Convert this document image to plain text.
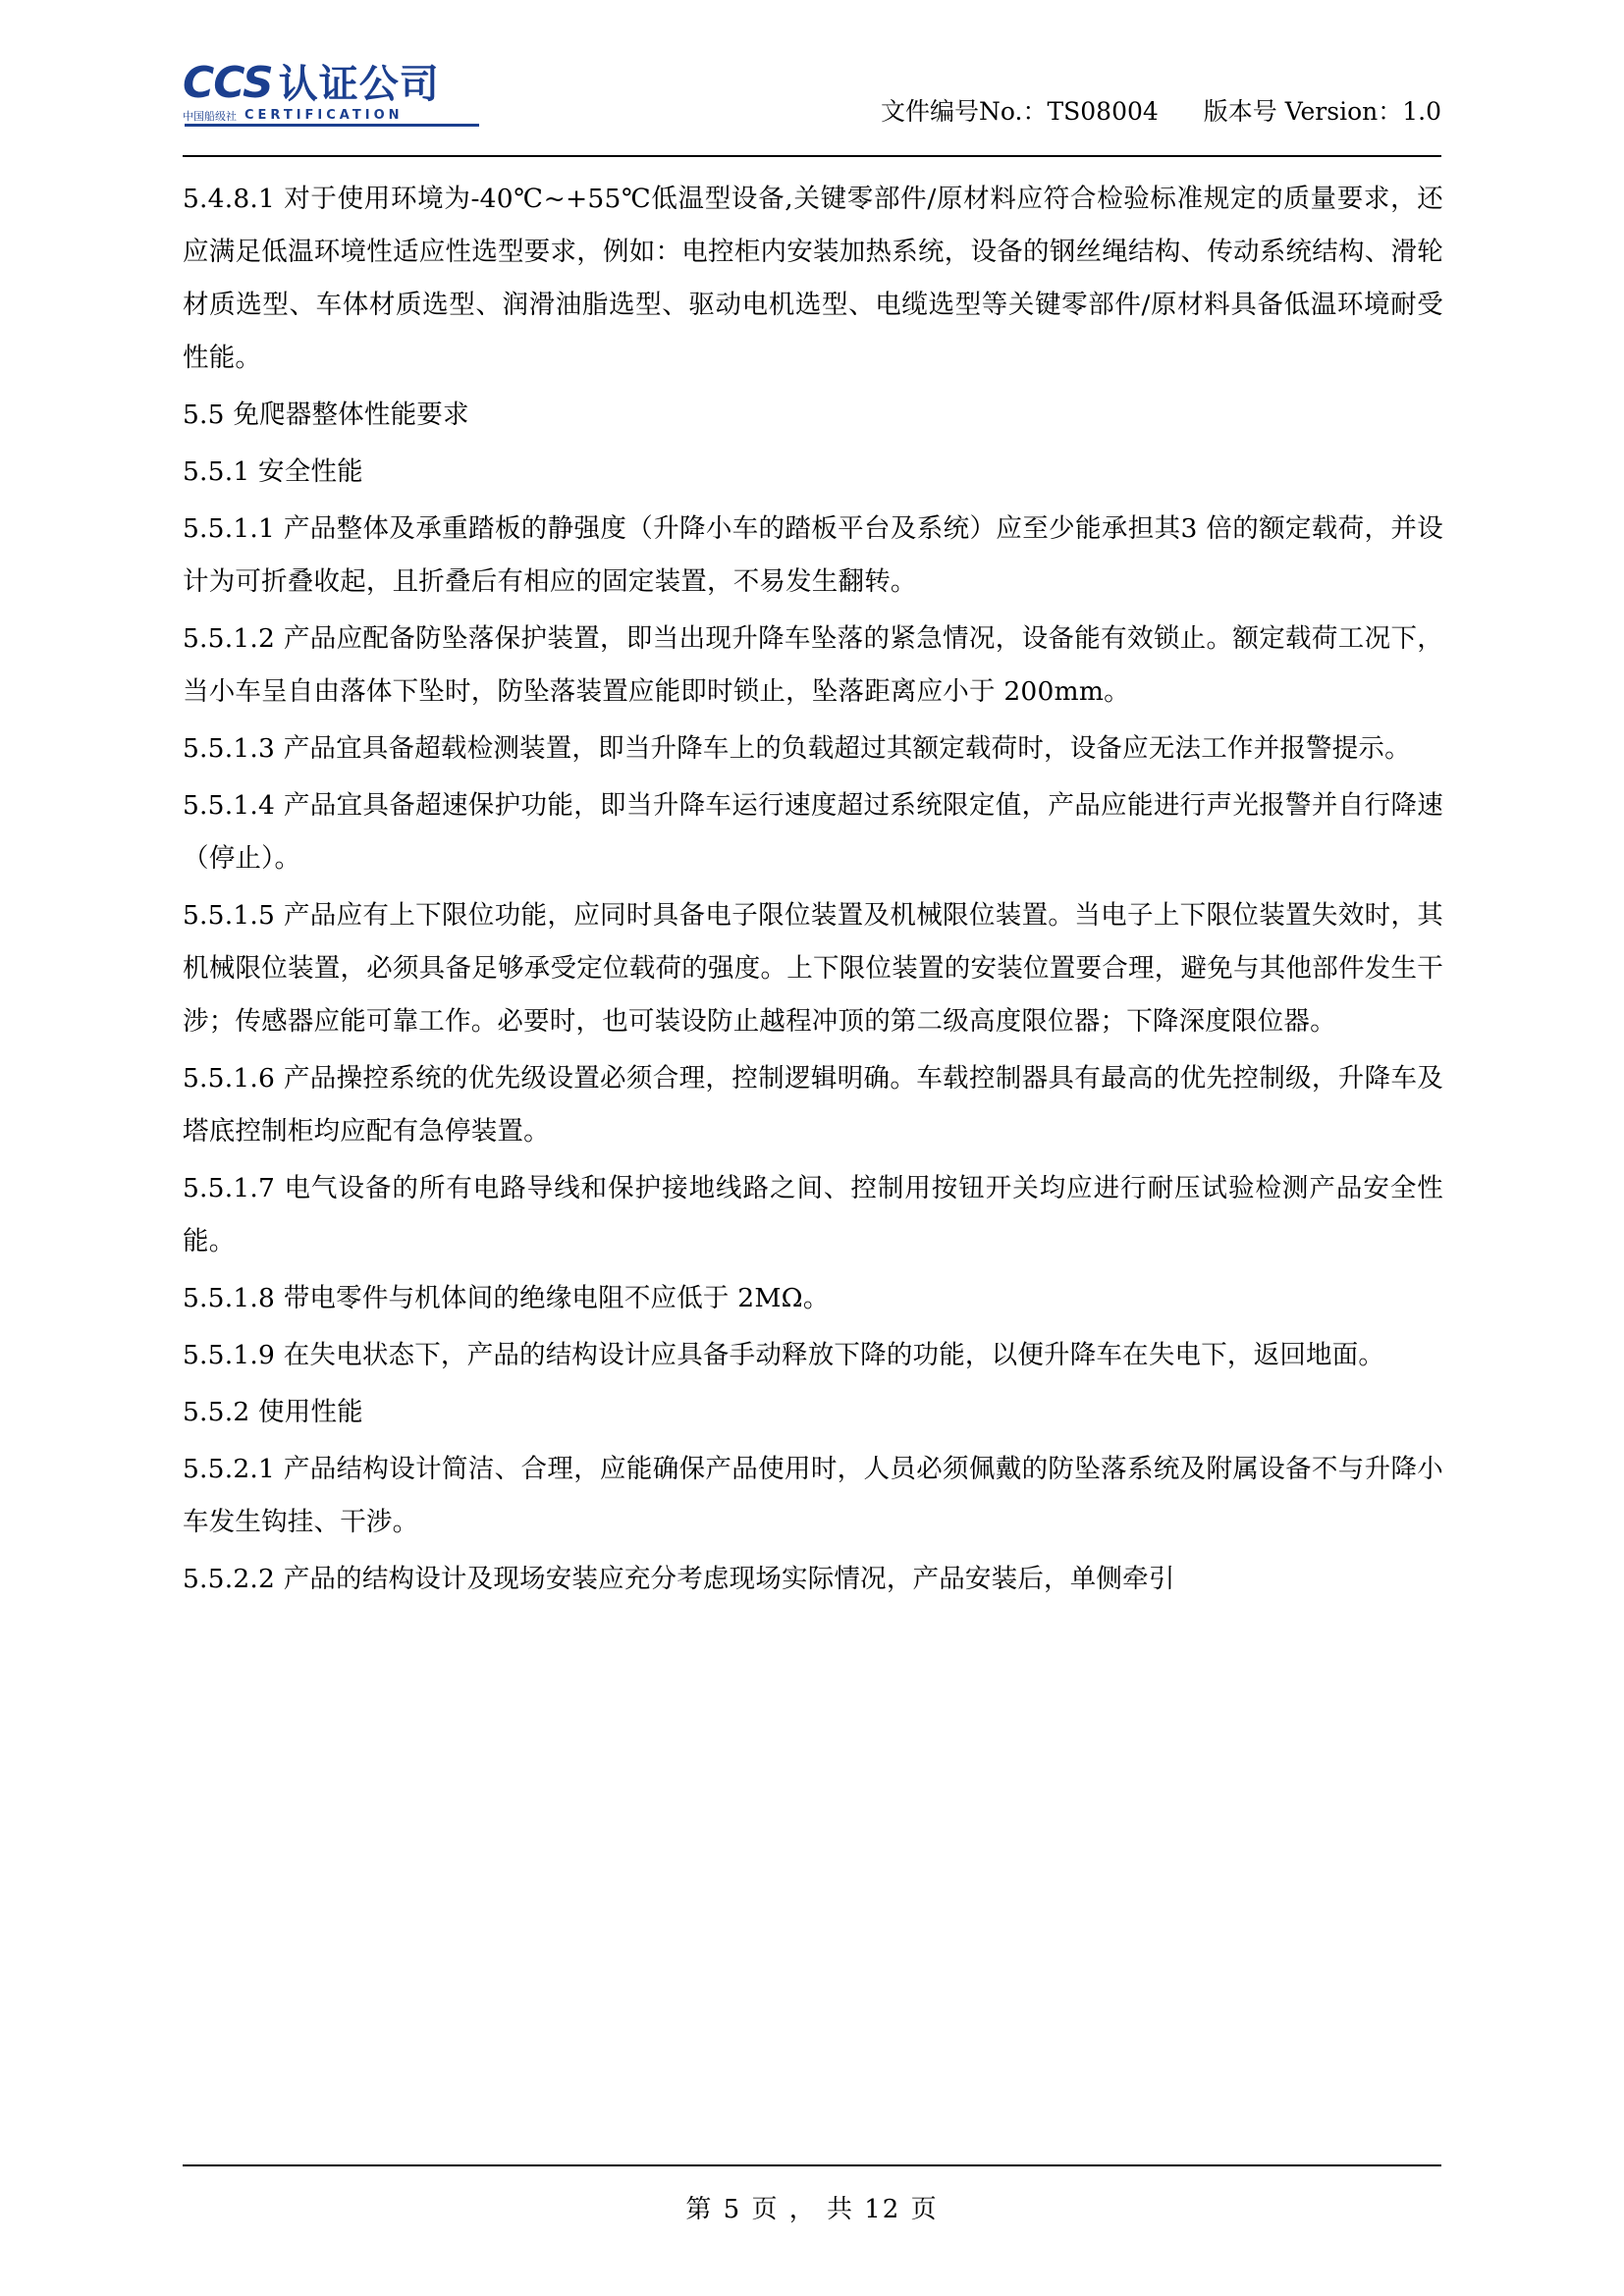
CCS 认证公司
中国船级社 CERTIFICATION	文件编号No.：TS08004 版本号 Version：1.0

5.4.8.1 对于使用环境为-40℃~+55℃低温型设备,关键零部件/原材料应符合检验标准规定的质量要求，还应满足低温环境性适应性选型要求，例如：电控柜内安装加热系统，设备的钢丝绳结构、传动系统结构、滑轮材质选型、车体材质选型、润滑油脂选型、驱动电机选型、电缆选型等关键零部件/原材料具备低温环境耐受性能。

5.5 免爬器整体性能要求

5.5.1 安全性能

5.5.1.1 产品整体及承重踏板的静强度（升降小车的踏板平台及系统）应至少能承担其3 倍的额定载荷，并设计为可折叠收起，且折叠后有相应的固定装置，不易发生翻转。

5.5.1.2 产品应配备防坠落保护装置，即当出现升降车坠落的紧急情况，设备能有效锁止。额定载荷工况下，当小车呈自由落体下坠时，防坠落装置应能即时锁止，坠落距离应小于 200mm。

5.5.1.3 产品宜具备超载检测装置，即当升降车上的负载超过其额定载荷时，设备应无法工作并报警提示。

5.5.1.4 产品宜具备超速保护功能，即当升降车运行速度超过系统限定值，产品应能进行声光报警并自行降速（停止）。

5.5.1.5 产品应有上下限位功能，应同时具备电子限位装置及机械限位装置。当电子上下限位装置失效时，其机械限位装置，必须具备足够承受定位载荷的强度。上下限位装置的安装位置要合理，避免与其他部件发生干涉；传感器应能可靠工作。必要时，也可装设防止越程冲顶的第二级高度限位器；下降深度限位器。

5.5.1.6 产品操控系统的优先级设置必须合理，控制逻辑明确。车载控制器具有最高的优先控制级，升降车及塔底控制柜均应配有急停装置。

5.5.1.7 电气设备的所有电路导线和保护接地线路之间、控制用按钮开关均应进行耐压试验检测产品安全性能。

5.5.1.8 带电零件与机体间的绝缘电阻不应低于 2MΩ。

5.5.1.9 在失电状态下，产品的结构设计应具备手动释放下降的功能，以便升降车在失电下，返回地面。

5.5.2 使用性能

5.5.2.1 产品结构设计简洁、合理，应能确保产品使用时，人员必须佩戴的防坠落系统及附属设备不与升降小车发生钩挂、干涉。

5.5.2.2 产品的结构设计及现场安装应充分考虑现场实际情况，产品安装后，单侧牵引

第 5 页 ， 共 12 页
